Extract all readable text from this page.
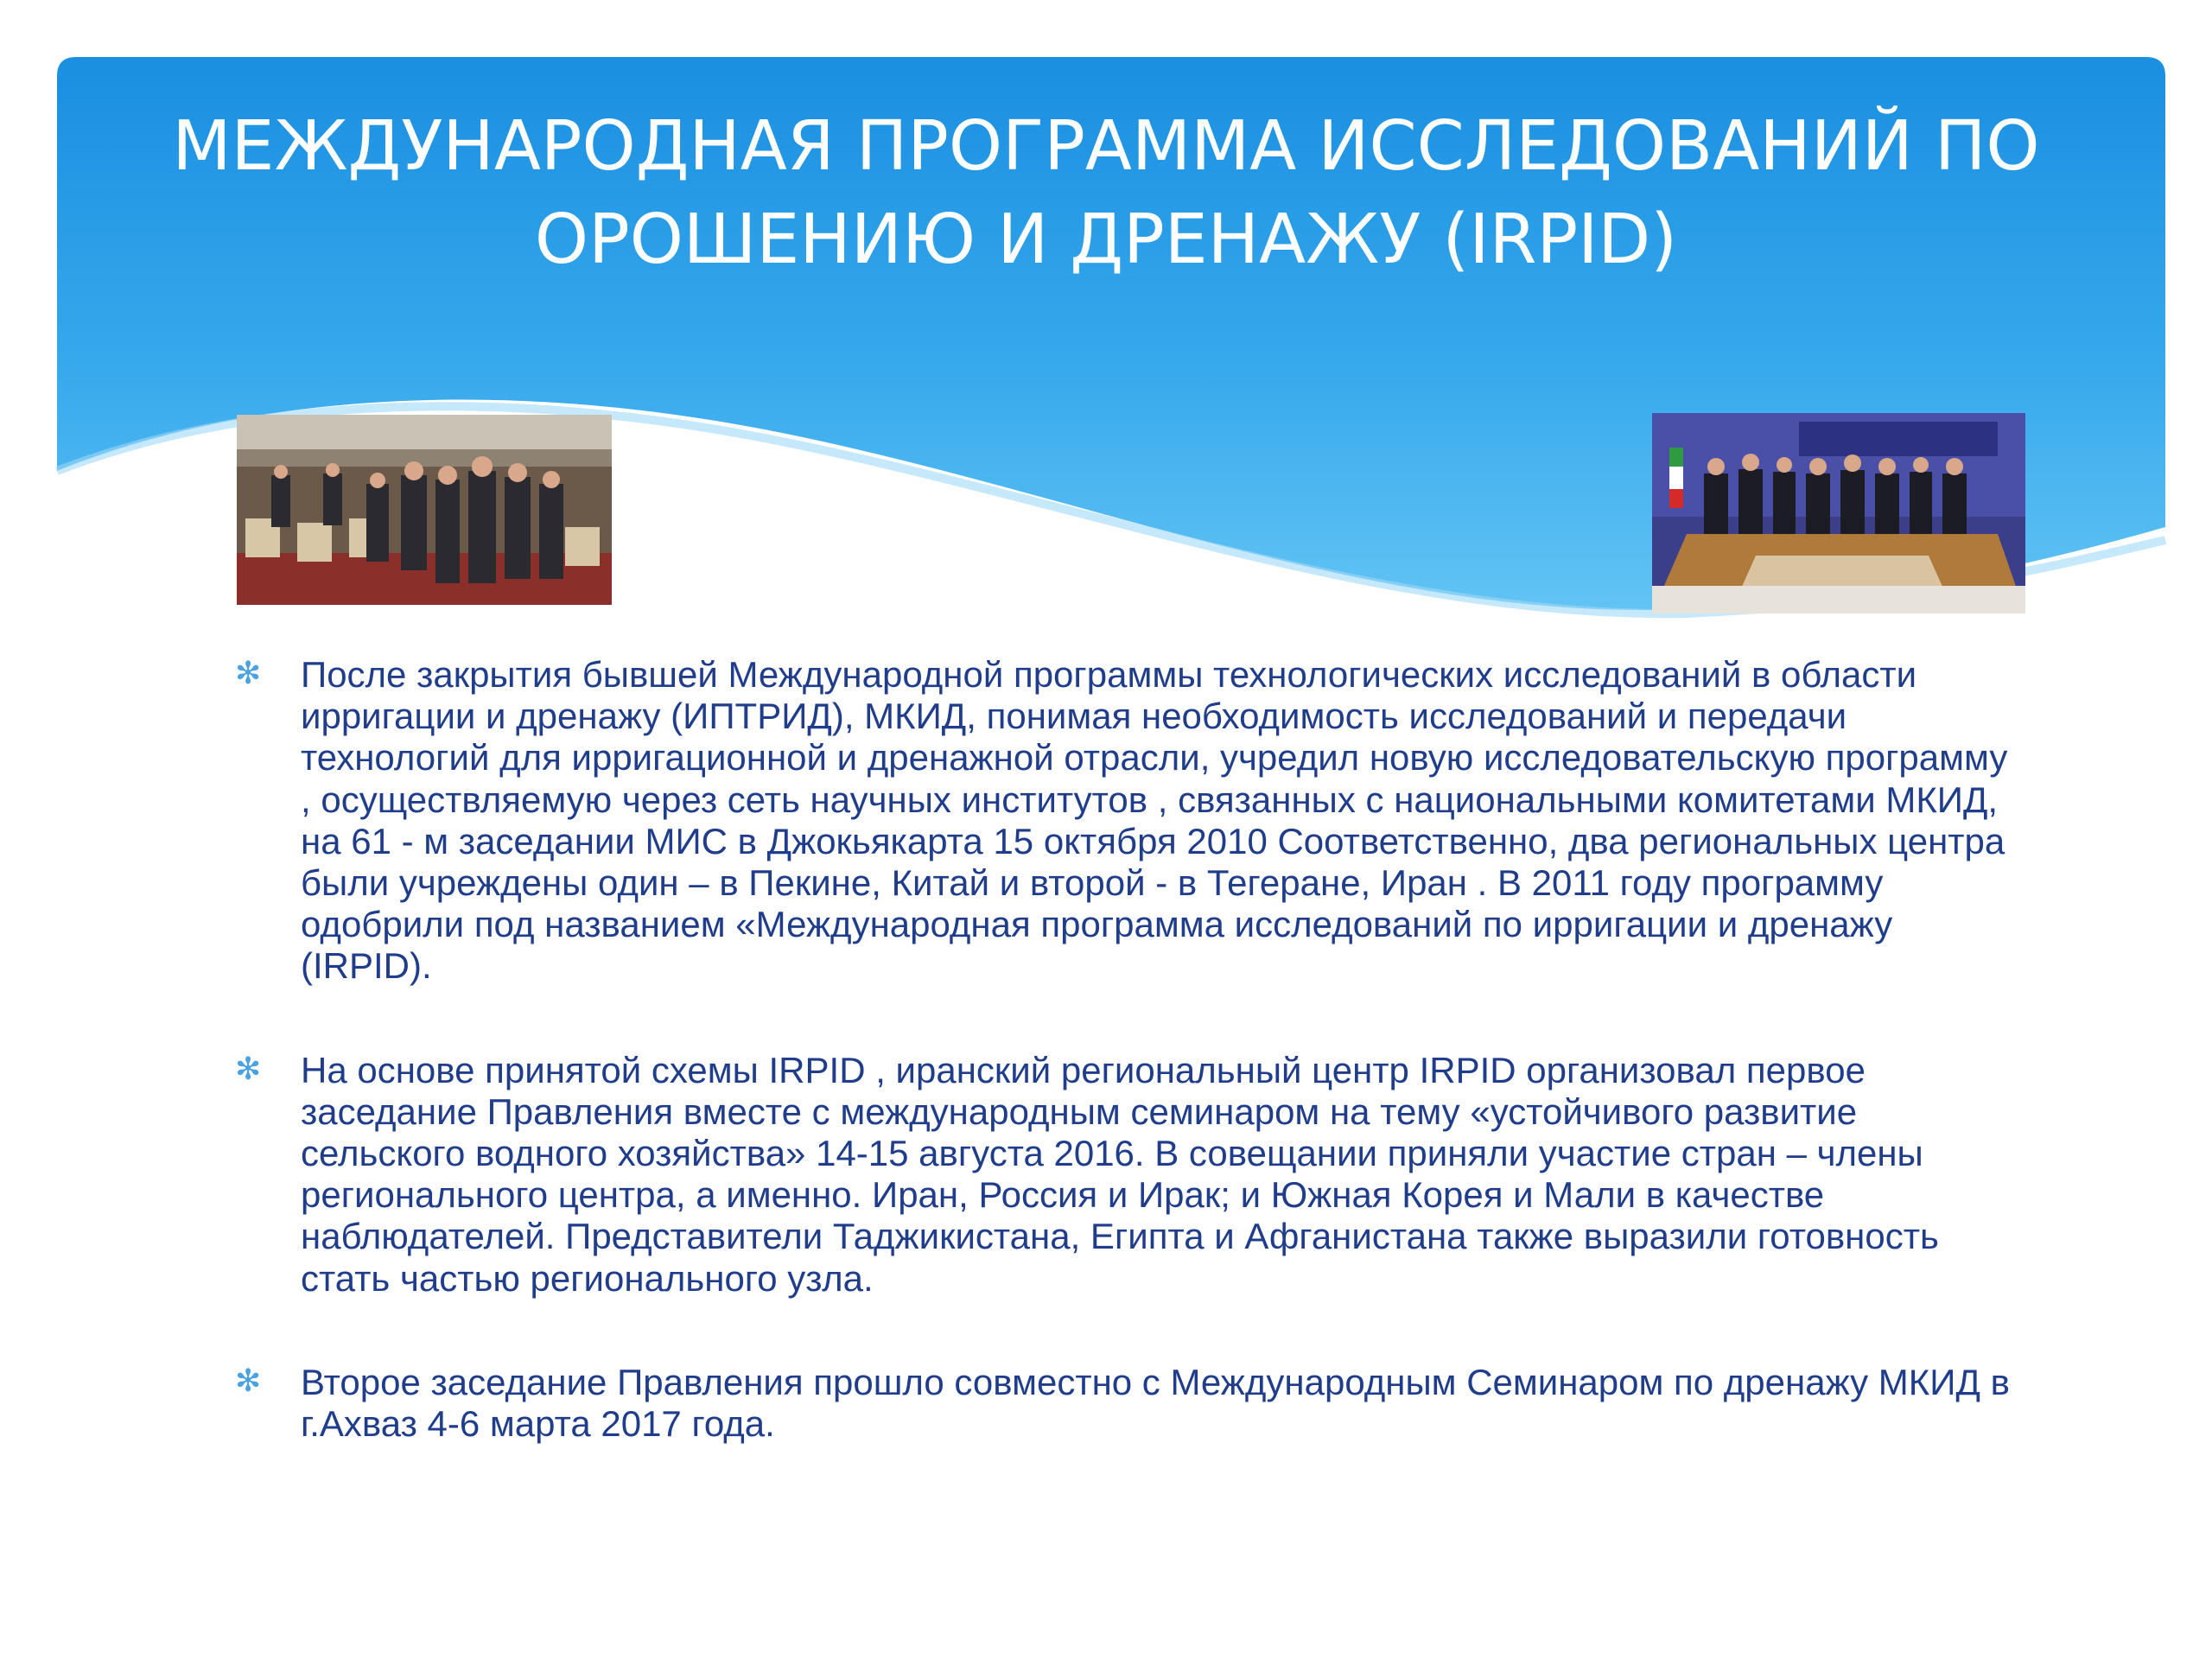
МЕЖДУНАРОДНАЯ ПРОГРАММА ИССЛЕДОВАНИЙ ПО ОРОШЕНИЮ И ДРЕНАЖУ (IRPID)
✻ После закрытия бывшей Международной программы технологических исследований в области ирригации и дренажу (ИПТРИД), МКИД, понимая необходимость исследований и передачи технологий для ирригационной и дренажной отрасли, учредил новую исследовательскую программу , осуществляемую через сеть научных институтов , связанных с национальными комитетами МКИД, на 61 - м заседании МИС в Джокьякарта 15 октября 2010 Соответственно, два региональных центра были учреждены один – в Пекине, Китай и второй - в Тегеране, Иран . В 2011 году программу одобрили под названием «Международная программа исследований по ирригации и дренажу (IRPID).
✻ На основе принятой схемы IRPID , иранский региональный центр IRPID организовал первое заседание Правления вместе с международным семинаром на тему «устойчивого развитие сельского водного хозяйства» 14-15 августа 2016. В совещании приняли участие стран – члены регионального центра, а именно. Иран, Россия и Ирак; и Южная Корея и Мали в качестве наблюдателей. Представители Таджикистана, Египта и Афганистана также выразили готовность стать частью регионального узла.
✻ Второе заседание Правления прошло совместно с Международным Семинаром по дренажу МКИД в г.Ахваз 4-6 марта 2017 года.
